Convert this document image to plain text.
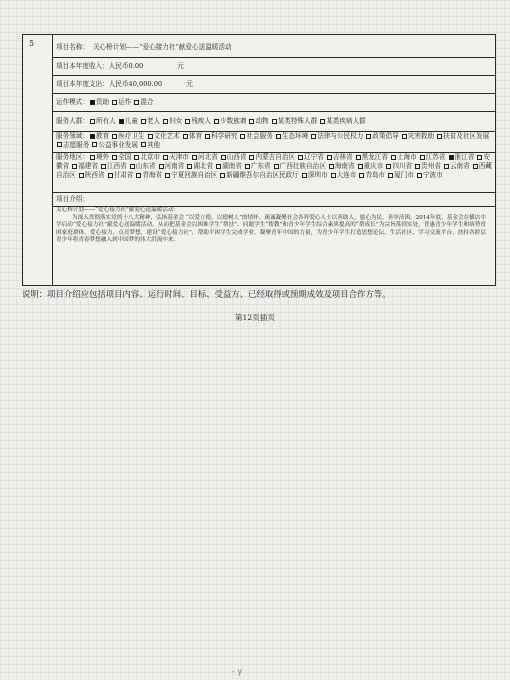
5	项目名称： 关心桥计划——“爱心接力社”献爱心送温暖活动
项目本年度收入：人民币0.00	元
项目本年度支出：人民币40,000.00	元
运作模式： 资助 运作 混合
服务人群： 所有人 儿童 老人 妇女 残疾人 少数族裔 动物 某类特殊人群 某类疾病人群
服务领域： 教育 医疗卫生 文化艺术 体育 科学研究 社会服务 生态环境 法律与公民权力 政策倡导 灾害救助 扶贫及社区发展志愿服务 公益事业发展 其他
服务地区： 境外 全国 北京市 天津市 河北省 山西省 内蒙古自治区 辽宁省 吉林省 黑龙江省 上海市 江苏省 浙江省 安徽省 福建省 江西省 山东省 河南省 湖北省 湖南省 广东省 广西壮族自治区 海南省 重庆市 四川省 贵州省 云南省 西藏自治区 陕西省 甘肃省 青海省 宁夏回族自治区 新疆维吾尔自治区民政厅 深圳市 大连市 青岛市 厦门市 宁波市
项目介绍：
关心桥计划——“爱心接力社”献爱心送温暖活动：
为深入贯彻落实党的十八大精神，弘扬基金会 “以爱立德，以德树人”的情怀，竭诚凝聚社会各界爱心人士以善助人，慈心为民，善举济困。2014年底，基金会在横店中学启动“爱心接力社”献爱心送温暖活动，从而把基金会以困难学生“帮扶”、问题学生“帮教”和青少年学生综合素质提高的“帮成长”为宗旨落到实处，普惠青少年学生和病势贫困家庭群体，爱心接力，点亮梦想，建设“爱心接力社”，帮助平困学生完成学业，凝聚青年中国的力量，为青少年学生打造思想论坛、生活社区、学习交流平台，扶持各阶层青少年将青春梦想融入到中国梦的伟大洪流中来。
说明：项目介绍应包括项目内容、运行时间、目标、受益方、已经取得或预期成效及项目合作方等。
第12页插页
- y
